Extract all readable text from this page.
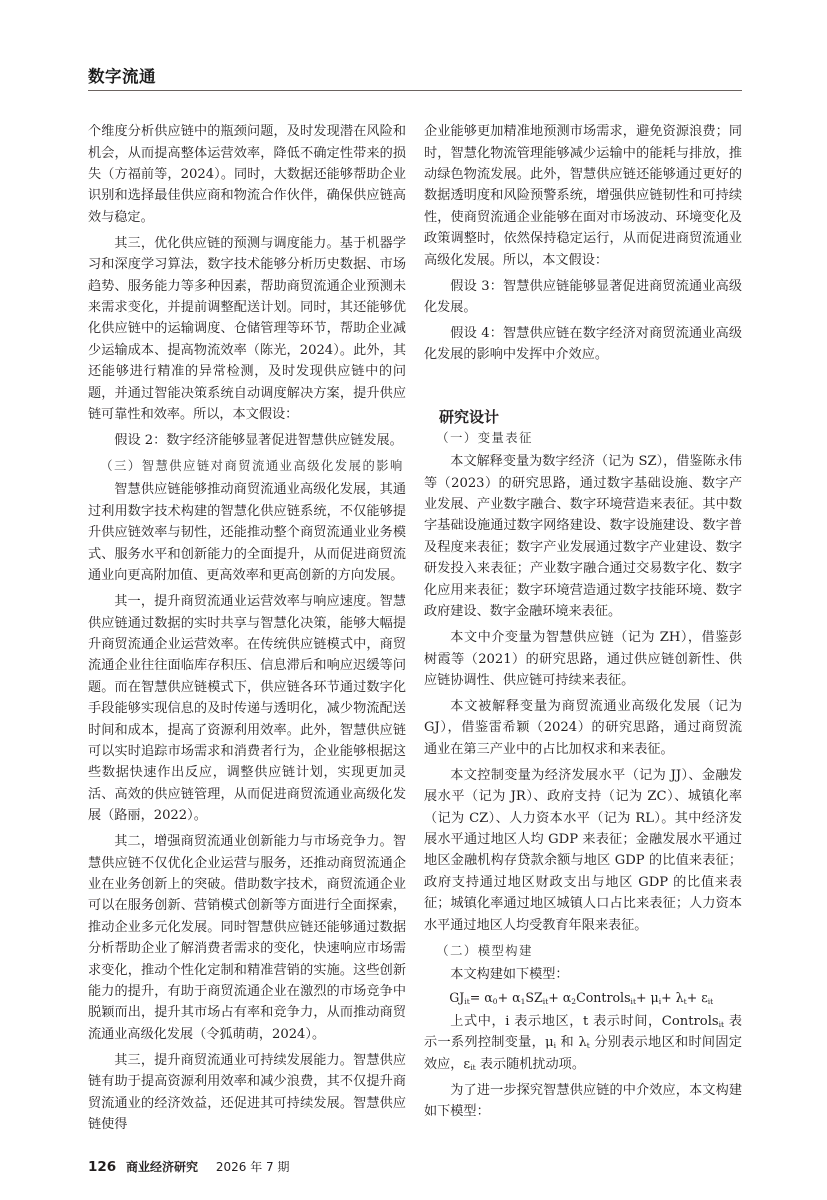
数字流通

个维度分析供应链中的瓶颈问题，及时发现潜在风险和机会，从而提高整体运营效率，降低不确定性带来的损失（方福前等，2024）。同时，大数据还能够帮助企业识别和选择最佳供应商和物流合作伙伴，确保供应链高效与稳定。

其三，优化供应链的预测与调度能力。基于机器学习和深度学习算法，数字技术能够分析历史数据、市场趋势、服务能力等多种因素，帮助商贸流通企业预测未来需求变化，并提前调整配送计划。同时，其还能够优化供应链中的运输调度、仓储管理等环节，帮助企业减少运输成本、提高物流效率（陈光，2024）。此外，其还能够进行精准的异常检测，及时发现供应链中的问题，并通过智能决策系统自动调度解决方案，提升供应链可靠性和效率。所以，本文假设：

假设 2：数字经济能够显著促进智慧供应链发展。

（三）智慧供应链对商贸流通业高级化发展的影响

智慧供应链能够推动商贸流通业高级化发展，其通过利用数字技术构建的智慧化供应链系统，不仅能够提升供应链效率与韧性，还能推动整个商贸流通业业务模式、服务水平和创新能力的全面提升，从而促进商贸流通业向更高附加值、更高效率和更高创新的方向发展。

其一，提升商贸流通业运营效率与响应速度。智慧供应链通过数据的实时共享与智慧化决策，能够大幅提升商贸流通企业运营效率。在传统供应链模式中，商贸流通企业往往面临库存积压、信息滞后和响应迟缓等问题。而在智慧供应链模式下，供应链各环节通过数字化手段能够实现信息的及时传递与透明化，减少物流配送时间和成本，提高了资源利用效率。此外，智慧供应链可以实时追踪市场需求和消费者行为，企业能够根据这些数据快速作出反应，调整供应链计划，实现更加灵活、高效的供应链管理，从而促进商贸流通业高级化发展（路丽，2022）。

其二，增强商贸流通业创新能力与市场竞争力。智慧供应链不仅优化企业运营与服务，还推动商贸流通企业在业务创新上的突破。借助数字技术，商贸流通企业可以在服务创新、营销模式创新等方面进行全面探索，推动企业多元化发展。同时智慧供应链还能够通过数据分析帮助企业了解消费者需求的变化，快速响应市场需求变化，推动个性化定制和精准营销的实施。这些创新能力的提升，有助于商贸流通企业在激烈的市场竞争中脱颖而出，提升其市场占有率和竞争力，从而推动商贸流通业高级化发展（令狐萌萌，2024）。

其三，提升商贸流通业可持续发展能力。智慧供应链有助于提高资源利用效率和减少浪费，其不仅提升商贸流通业的经济效益，还促进其可持续发展。智慧供应链使得

企业能够更加精准地预测市场需求，避免资源浪费；同时，智慧化物流管理能够减少运输中的能耗与排放，推动绿色物流发展。此外，智慧供应链还能够通过更好的数据透明度和风险预警系统，增强供应链韧性和可持续性，使商贸流通企业能够在面对市场波动、环境变化及政策调整时，依然保持稳定运行，从而促进商贸流通业高级化发展。所以，本文假设：

假设 3：智慧供应链能够显著促进商贸流通业高级化发展。

假设 4：智慧供应链在数字经济对商贸流通业高级化发展的影响中发挥中介效应。

研究设计
（一）变量表征

本文解释变量为数字经济（记为 SZ），借鉴陈永伟等（2023）的研究思路，通过数字基础设施、数字产业发展、产业数字融合、数字环境营造来表征。其中数字基础设施通过数字网络建设、数字设施建设、数字普及程度来表征；数字产业发展通过数字产业建设、数字研发投入来表征；产业数字融合通过交易数字化、数字化应用来表征；数字环境营造通过数字技能环境、数字政府建设、数字金融环境来表征。

本文中介变量为智慧供应链（记为 ZH），借鉴彭树霞等（2021）的研究思路，通过供应链创新性、供应链协调性、供应链可持续来表征。

本文被解释变量为商贸流通业高级化发展（记为 GJ），借鉴雷希颖（2024）的研究思路，通过商贸流通业在第三产业中的占比加权求和来表征。

本文控制变量为经济发展水平（记为 JJ）、金融发展水平（记为 JR）、政府支持（记为 ZC）、城镇化率（记为 CZ）、人力资本水平（记为 RL）。其中经济发展水平通过地区人均 GDP 来表征；金融发展水平通过地区金融机构存贷款余额与地区 GDP 的比值来表征；政府支持通过地区财政支出与地区 GDP 的比值来表征；城镇化率通过地区城镇人口占比来表征；人力资本水平通过地区人均受教育年限来表征。

（二）模型构建

本文构建如下模型：

$GJ_{it}= \alpha_0+ \alpha_1SZ_{it}+$ $\alpha_2Controls_{it}+ \mu_i+ \lambda_t+ \varepsilon_{it}$

上式中，i 表示地区，t 表示时间，Controls$_{it}$ 表示一系列控制变量，$\mu_i$ 和 $\lambda_t$ 分别表示地区和时间固定效应，$\varepsilon_{it}$ 表示随机扰动项。

为了进一步探究智慧供应链的中介效应，本文构建如下模型：

126 商业经济研究 2026 年 7 期
